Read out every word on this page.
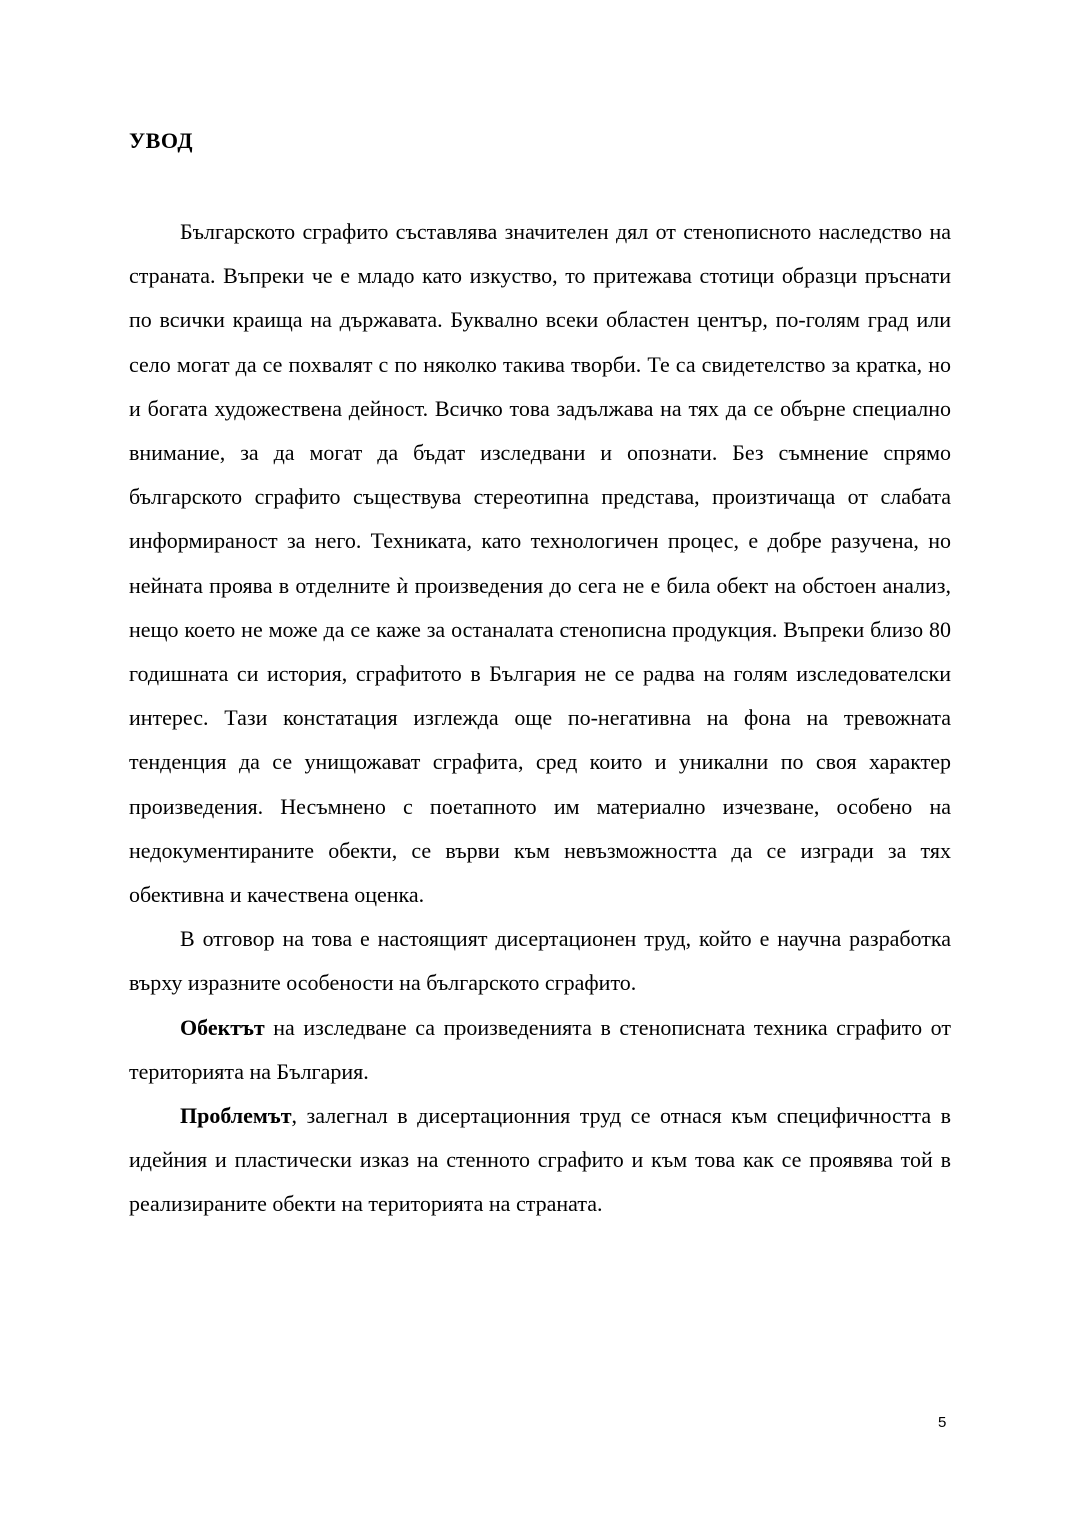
УВОД

Българското сграфито съставлява значителен дял от стенописното наследство на страната. Въпреки че е младо като изкуство, то притежава стотици образци пръснати по всички краища на държавата. Буквално всеки областен център, по-голям град или село могат да се похвалят с по няколко такива творби. Те са свидетелство за кратка, но и богата художествена дейност. Всичко това задължава на тях да се обърне специално внимание, за да могат да бъдат изследвани и опознати. Без съмнение спрямо българското сграфито съществува стереотипна представа, произтичаща от слабата информираност за него. Техниката, като технологичен процес, е добре разучена, но нейната проява в отделните ѝ произведения до сега не е била обект на обстоен анализ, нещо което не може да се каже за останалата стенописна продукция. Въпреки близо 80 годишната си история, сграфитото в България не се радва на голям изследователски интерес. Тази констатация изглежда още по-негативна на фона на тревожната тенденция да се унищожават сграфита, сред които и уникални по своя характер произведения. Несъмнено с поетапното им материално изчезване, особено на недокументираните обекти, се върви към невъзможността да се изгради за тях обективна и качествена оценка.

В отговор на това е настоящият дисертационен труд, който е научна разработка върху изразните особености на българското сграфито.

Обектът на изследване са произведенията в стенописната техника сграфито от територията на България.

Проблемът, залегнал в дисертационния труд се отнася към специфичността в идейния и пластически изказ на стенното сграфито и към това как се проявява той в реализираните обекти на територията на страната.

5
